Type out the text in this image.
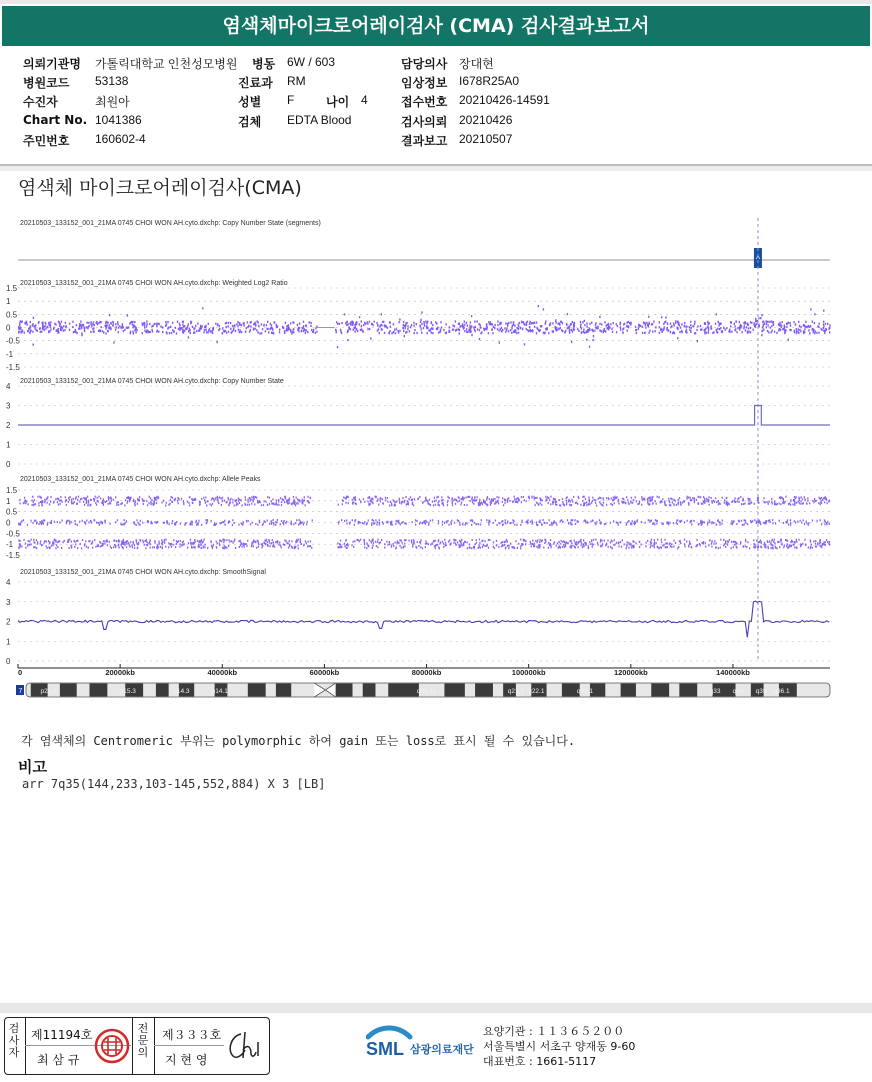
염색체마이크로어레이검사 (CMA) 검사결과보고서
의뢰기관명 가톨릭대학교 인천성모병원 병동 6W / 603	담당의사 장대현
병원코드 53138	진료과 RM	임상정보 I678R25A0
수진자	최원아	성별 F	나이 4	접수번호 20210426-14591
Chart No. 1041386	검체 EDTA Blood	검사의뢰 20210426
주민번호 160602-4	결과보고 20210507
염색체 마이크로어레이검사(CMA)
20210503_133152_001_21MA 0745 CHOI WON AH.cyto.dxchp: Copy Number State (segments)
20210503_133152_001_21MA 0745 CHOI WON AH.cyto.dxchp: Weighted Log2 Ratio
20210503_133152_001_21MA 0745 CHOI WON AH.cyto.dxchp: Copy Number State
20210503_133152_001_21MA 0745 CHOI WON AH.cyto.dxchp: Allele Peaks
20210503_133152_001_21MA 0745 CHOI WON AH.cyto.dxchp: SmoothSignal
^
1.5
1
0.5
0
-0.5
-1
-1.5
4
3
2
1
0
1.5
1
0.5
0
-0.5
-1
-1.5
4
3
2
1
0
0	20000kb	40000kb	60000kb	80000kb	100000kb	120000kb	140000kb
7	p21.3	p15.3	p14.3	p14.1	q21.11	q21.3 q22.1	q31.1	q33 q34 q35 q36.1
각 염색체의 Centromeric 부위는 polymorphic 하여 gain 또는 loss로 표시 될 수 있습니다.
비고
arr 7q35(144,233,103-145,552,884) X 3 [LB]
검사자
제11194호
최 삼 규
전문의
제３３３호
지 현 영
SML 삼광의료재단
요양기관 : １１３６５２００
서울특별시 서초구 양재동 9-60
대표번호 : 1661-5117
